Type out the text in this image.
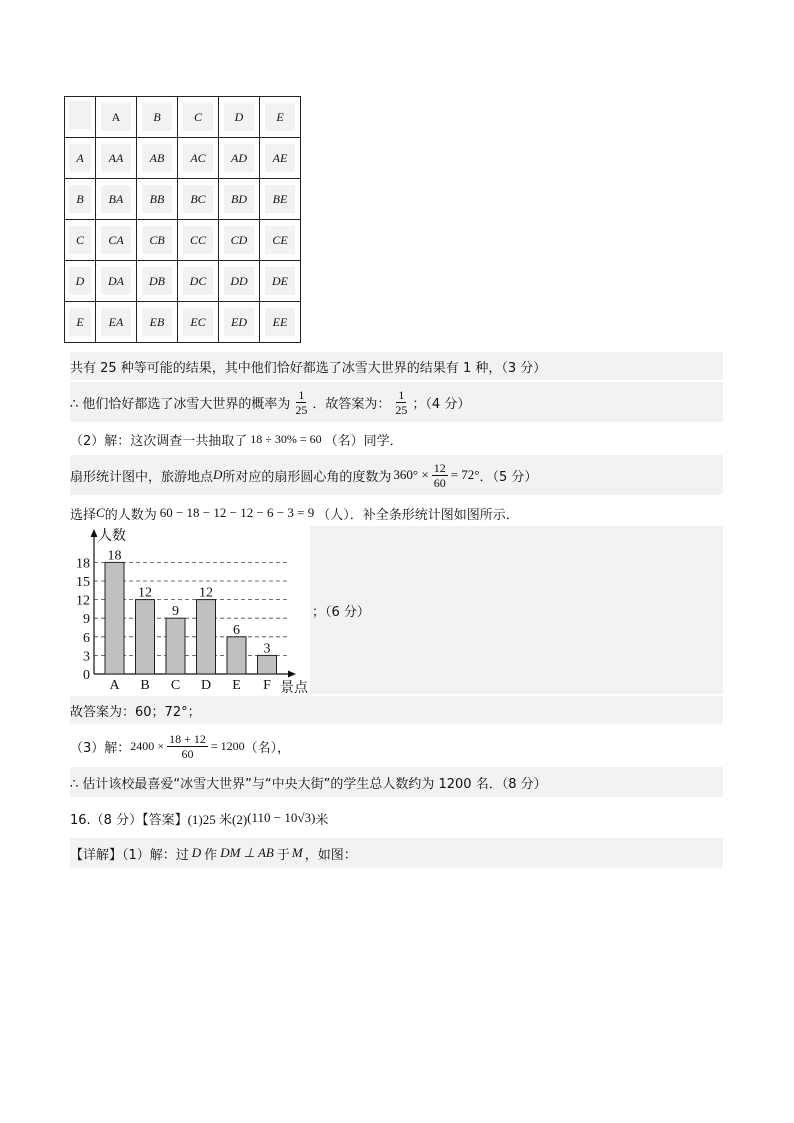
	A	B	C	D	E
A	AA	AB	AC	AD	AE
B	BA	BB	BC	BD	BE
C	CA	CB	CC	CD	CE
D	DA	DB	DC	DD	DE
E	EA	EB	EC	ED	EE
共有 25 种等可能的结果，其中他们恰好都选了冰雪大世界的结果有 1 种，（3 分）
∴ 他们恰好都选了冰雪大世界的概率为 $\frac{1}{25}$ ．故答案为： $\frac{1}{25}$ ；（4 分）
（2）解：这次调查一共抽取了 18 ÷ 30% = 60 （名）同学．
扇形统计图中，旅游地点 D 所对应的扇形圆心角的度数为 $360^\circ \times \frac{12}{60} = 72^\circ$ ．（5 分）
选择 C 的人数为 60 − 18 − 12 − 12 − 6 − 3 = 9 （人）．补全条形统计图如图所示．
0
3
6
9
12
15
18
人数
景点
18
A
12
B
9
C
12
D
6
E
3
F
；（6 分）
故答案为：60；72°；
（3）解： $2400 \times \frac{18 + 12}{60} = 1200$ （名），
∴ 估计该校最喜爱“冰雪大世界”与“中央大街”的学生总人数约为 1200 名．（8 分）
16.（8 分）【答案】 (1)25 米(2) (110 − 10√3) 米
【详解】（1）解：过 D 作 DM ⊥ AB 于 M ，如图：
